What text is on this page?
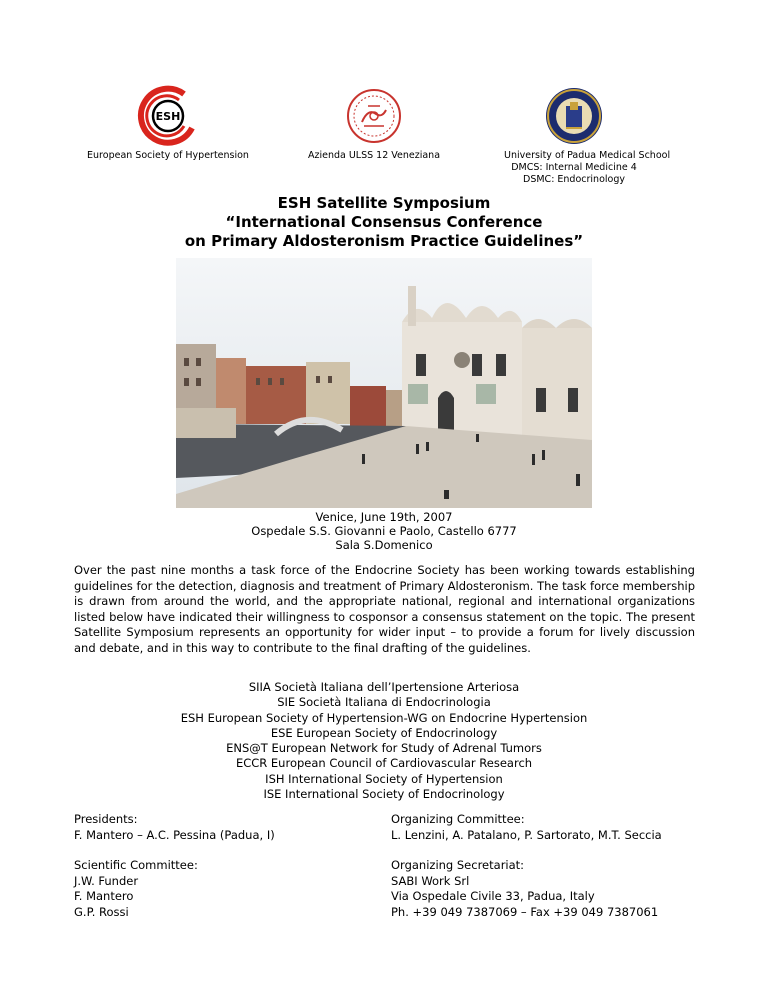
ESH
European Society of Hypertension	Azienda ULSS 12 Veneziana	University of Padua Medical School
DMCS: Internal Medicine 4
DSMC: Endocrinology
ESH Satellite Symposium
“International Consensus Conference
on Primary Aldosteronism Practice Guidelines”
Venice, June 19th, 2007
Ospedale S.S. Giovanni e Paolo, Castello 6777
Sala S.Domenico
Over the past nine months a task force of the Endocrine Society has been working towards establishing guidelines for the detection, diagnosis and treatment of Primary Aldosteronism. The task force membership is drawn from around the world, and the appropriate national, regional and international organizations listed below have indicated their willingness to cosponsor a consensus statement on the topic. The present Satellite Symposium represents an opportunity for wider input – to provide a forum for lively discussion and debate, and in this way to contribute to the final drafting of the guidelines.
SIIA Società Italiana dell’Ipertensione Arteriosa
SIE Società Italiana di Endocrinologia
ESH European Society of Hypertension-WG on Endocrine Hypertension
ESE European Society of Endocrinology
ENS@T European Network for Study of Adrenal Tumors
ECCR European Council of Cardiovascular Research
ISH International Society of Hypertension
ISE International Society of Endocrinology
Presidents:
F. Mantero – A.C. Pessina (Padua, I)
Organizing Committee:
L. Lenzini, A. Patalano, P. Sartorato, M.T. Seccia
Scientific Committee:
J.W. Funder
F. Mantero
G.P. Rossi
Organizing Secretariat:
SABI Work Srl
Via Ospedale Civile 33, Padua, Italy
Ph. +39 049 7387069 – Fax +39 049 7387061
